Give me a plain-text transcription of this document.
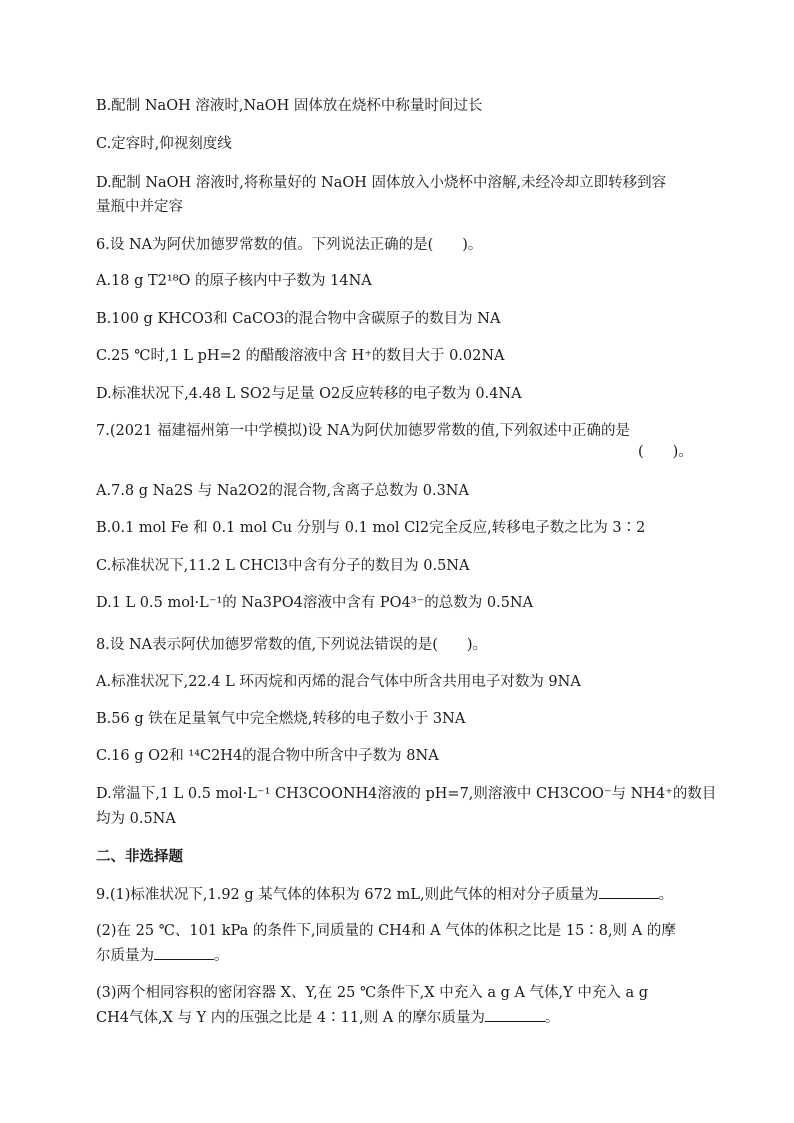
B.配制 NaOH 溶液时,NaOH 固体放在烧杯中称量时间过长
C.定容时,仰视刻度线
D.配制 NaOH 溶液时,将称量好的 NaOH 固体放入小烧杯中溶解,未经冷却立即转移到容
量瓶中并定容
6.设 NA为阿伏加德罗常数的值。下列说法正确的是(　　)。
A.18 g T2¹⁸O 的原子核内中子数为 14NA
B.100 g KHCO3和 CaCO3的混合物中含碳原子的数目为 NA
C.25 ℃时,1 L pH=2 的醋酸溶液中含 H⁺的数目大于 0.02NA
D.标准状况下,4.48 L SO2与足量 O2反应转移的电子数为 0.4NA
7.(2021 福建福州第一中学模拟)设 NA为阿伏加德罗常数的值,下列叙述中正确的是
(　　)。
A.7.8 g Na2S 与 Na2O2的混合物,含离子总数为 0.3NA
B.0.1 mol Fe 和 0.1 mol Cu 分别与 0.1 mol Cl2完全反应,转移电子数之比为 3∶2
C.标准状况下,11.2 L CHCl3中含有分子的数目为 0.5NA
D.1 L 0.5 mol·L⁻¹的 Na3PO4溶液中含有 PO4³⁻的总数为 0.5NA
8.设 NA表示阿伏加德罗常数的值,下列说法错误的是(　　)。
A.标准状况下,22.4 L 环丙烷和丙烯的混合气体中所含共用电子对数为 9NA
B.56 g 铁在足量氧气中完全燃烧,转移的电子数小于 3NA
C.16 g O2和 ¹⁴C2H4的混合物中所含中子数为 8NA
D.常温下,1 L 0.5 mol·L⁻¹ CH3COONH4溶液的 pH=7,则溶液中 CH3COO⁻与 NH4⁺的数目
均为 0.5NA
二、非选择题
9.(1)标准状况下,1.92 g 某气体的体积为 672 mL,则此气体的相对分子质量为	。
(2)在 25 ℃、101 kPa 的条件下,同质量的 CH4和 A 气体的体积之比是 15∶8,则 A 的摩
尔质量为	。
(3)两个相同容积的密闭容器 X、Y,在 25 ℃条件下,X 中充入 a g A 气体,Y 中充入 a g
CH4气体,X 与 Y 内的压强之比是 4∶11,则 A 的摩尔质量为	。
